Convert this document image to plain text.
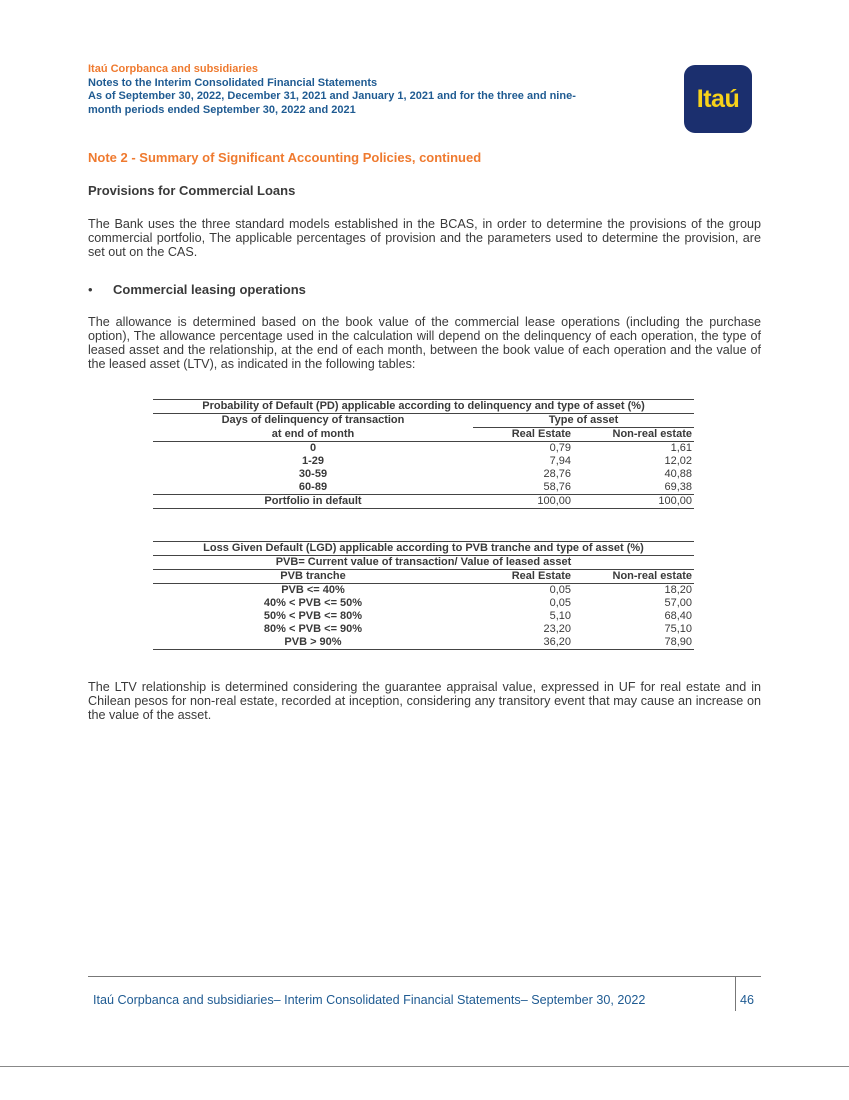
Itaú Corpbanca and subsidiaries
Notes to the Interim Consolidated Financial Statements
As of September 30, 2022, December 31, 2021 and January 1, 2021 and for the three and nine-
month periods ended September 30, 2022 and 2021	Itaú
Note 2 - Summary of Significant Accounting Policies, continued
Provisions for Commercial Loans
The Bank uses the three standard models established in the BCAS, in order to determine the provisions of the group commercial portfolio, The applicable percentages of provision and the parameters used to determine the provision, are set out on the CAS.
• Commercial leasing operations
The allowance is determined based on the book value of the commercial lease operations (including the purchase option), The allowance percentage used in the calculation will depend on the delinquency of each operation, the type of leased asset and the relationship, at the end of each month, between the book value of each operation and the value of the leased asset (LTV), as indicated in the following tables:
Probability of Default (PD) applicable according to delinquency and type of asset (%)		
Days of delinquency of transaction	Type of asset	
at end of month	Real Estate	Non-real estate
0	0,79	1,61
1-29	7,94	12,02
30-59	28,76	40,88
60-89	58,76	69,38
Portfolio in default	100,00	100,00
Loss Given Default (LGD) applicable according to PVB tranche and type of asset (%)		
PVB= Current value of transaction/ Value of leased asset		
PVB tranche	Real Estate	Non-real estate
PVB <= 40%	0,05	18,20
40% < PVB <= 50%	0,05	57,00
50% < PVB <= 80%	5,10	68,40
80% < PVB <= 90%	23,20	75,10
PVB > 90%	36,20	78,90
The LTV relationship is determined considering the guarantee appraisal value, expressed in UF for real estate and in Chilean pesos for non-real estate, recorded at inception, considering any transitory event that may cause an increase on the value of the asset.
Itaú Corpbanca and subsidiaries– Interim Consolidated Financial Statements– September 30, 2022	46
